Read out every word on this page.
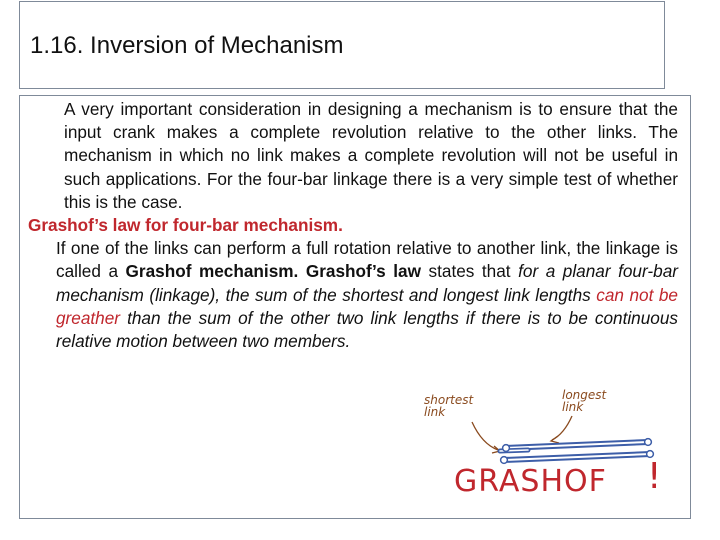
1.16. Inversion of Mechanism

A very important consideration in designing a mechanism is to ensure that the input crank makes a complete revolution relative to the other links. The mechanism in which no link makes a complete revolution will not be useful in such applications. For the four-bar linkage there is a very simple test of whether this is the case.

Grashof’s law for four-bar mechanism.

If one of the links can perform a full rotation relative to another link, the linkage is called a Grashof mechanism. Grashof’s law states that for a planar four-bar mechanism (linkage), the sum of the shortest and longest link lengths can not be greather than the sum of the other two link lengths if there is to be continuous relative motion between two members.

shortest link
longest link
GRASHOF !
